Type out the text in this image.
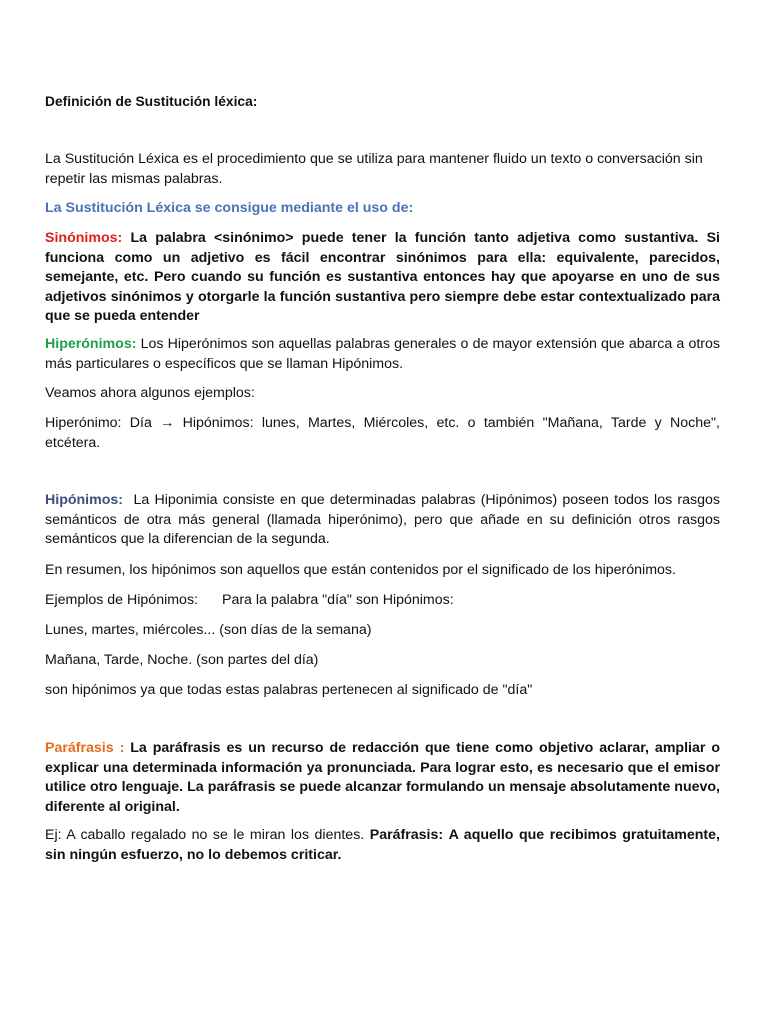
Definición de Sustitución léxica:

La Sustitución Léxica es el procedimiento que se utiliza para mantener fluido un texto o conversación sin repetir las mismas palabras.

La Sustitución Léxica se consigue mediante el uso de:

Sinónimos: La palabra <sinónimo> puede tener la función tanto adjetiva como sustantiva. Si funciona como un adjetivo es fácil encontrar sinónimos para ella: equivalente, parecidos, semejante, etc. Pero cuando su función es sustantiva entonces hay que apoyarse en uno de sus adjetivos sinónimos y otorgarle la función sustantiva pero siempre debe estar contextualizado para que se pueda entender

Hiperónimos: Los Hiperónimos son aquellas palabras generales o de mayor extensión que abarca a otros más particulares o específicos que se llaman Hipónimos.

Veamos ahora algunos ejemplos:

Hiperónimo: Día → Hipónimos: lunes, Martes, Miércoles, etc. o también "Mañana, Tarde y Noche", etcétera.

Hipónimos: La Hiponimia consiste en que determinadas palabras (Hipónimos) poseen todos los rasgos semánticos de otra más general (llamada hiperónimo), pero que añade en su definición otros rasgos semánticos que la diferencian de la segunda.

En resumen, los hipónimos son aquellos que están contenidos por el significado de los hiperónimos.

Ejemplos de Hipónimos: Para la palabra "día" son Hipónimos:

Lunes, martes, miércoles... (son días de la semana)

Mañana, Tarde, Noche. (son partes del día)

son hipónimos ya que todas estas palabras pertenecen al significado de "día"

Paráfrasis : La paráfrasis es un recurso de redacción que tiene como objetivo aclarar, ampliar o explicar una determinada información ya pronunciada. Para lograr esto, es necesario que el emisor utilice otro lenguaje. La paráfrasis se puede alcanzar formulando un mensaje absolutamente nuevo, diferente al original.

Ej: A caballo regalado no se le miran los dientes. Paráfrasis: A aquello que recibimos gratuitamente, sin ningún esfuerzo, no lo debemos criticar.
